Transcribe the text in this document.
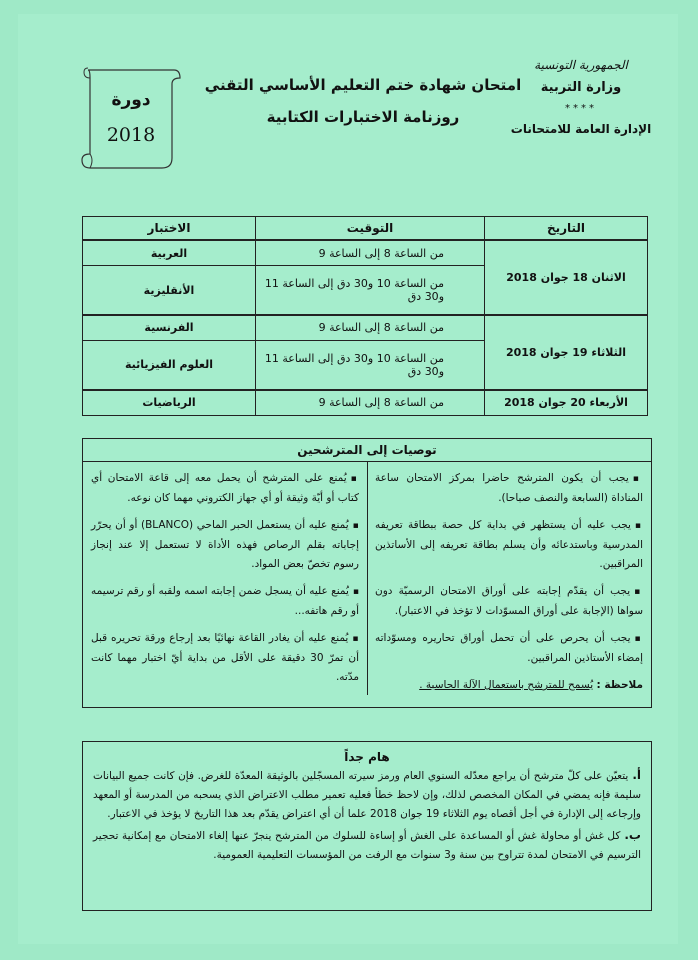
الجمهورية التونسية
وزارة التربية
****
الإدارة العامة للامتحانات
امتحان شهادة ختم التعليم الأساسي التقني
روزنامة الاختبارات الكتابية
دورة
2018
التاريخ	التوقيت	الاختبار
الاثنان 18 جوان 2018	من الساعة 8 إلى الساعة 9	العربية
	من الساعة 10 و30 دق إلى الساعة 11 و30 دق	الأنقليزية
الثلاثاء 19 جوان 2018	من الساعة 8 إلى الساعة 9	الفرنسية
	من الساعة 10 و30 دق إلى الساعة 11 و30 دق	العلوم الفيزيائية
الأربعاء 20 جوان 2018	من الساعة 8 إلى الساعة 9	الرياضيات
توصيات إلى المترشحين
▪ يجب أن يكون المترشح حاضرا بمركز الامتحان ساعة المناداة (السابعة والنصف صباحا).
▪ يجب عليه أن يستظهر في بداية كل حصة ببطاقة تعريفه المدرسية وباستدعائه وأن يسلم بطاقة تعريفه إلى الأساتذين المراقبين.
▪ يجب أن يقدّم إجابته على أوراق الامتحان الرسميّة دون سواها (الإجابة على أوراق المسوّدات لا تؤخذ في الاعتبار).
▪ يجب أن يحرص على أن تحمل أوراق تحاريره ومسوّداته إمضاء الأستاذين المراقبين.
ملاحظة : يُسمح للمترشح باستعمال الآلة الحاسبة .
▪ يُمنع على المترشح أن يحمل معه إلى قاعة الامتحان أي كتاب أو أيّة وثيقة أو أي جهاز الكتروني مهما كان نوعه.
▪ يُمنع عليه أن يستعمل الحبر الماحي (BLANCO) أو أن يحرّر إجاباته بقلم الرصاص فهذه الأداة لا تستعمل إلا عند إنجاز رسوم تخصّ بعض المواد.
▪ يُمنع عليه أن يسجل ضمن إجابته اسمه ولقبه أو رقم ترسيمه أو رقم هاتفه...
▪ يُمنع عليه أن يغادر القاعة نهائيًا بعد إرجاع ورقة تحريره قبل أن تمرّ 30 دقيقة على الأقل من بداية أيّ اختبار مهما كانت مدّته.
هام جداً
أ.يتعيّن على كلّ مترشح أن يراجع معدّله السنوي العام ورمز سيرته المسجّلين بالوثيقة المعدّة للغرض. فإن كانت جميع البيانات سليمة فإنه يمضي في المكان المخصص لذلك، وإن لاحظ خطأ فعليه تعمير مطلب الاعتراض الذي يسحبه من المدرسة أو المعهد وإرجاعه إلى الإدارة في أجل أقصاه يوم الثلاثاء 19 جوان 2018 علما أن أي اعتراض يقدّم بعد هذا التاريخ لا يؤخذ في الاعتبار.
ب.كل غش أو محاولة غش أو المساعدة على الغش أو إساءة للسلوك من المترشح ينجرّ عنها إلغاء الامتحان مع إمكانية تحجير الترسيم في الامتحان لمدة تتراوح بين سنة و3 سنوات مع الرفت من المؤسسات التعليمية العمومية.
